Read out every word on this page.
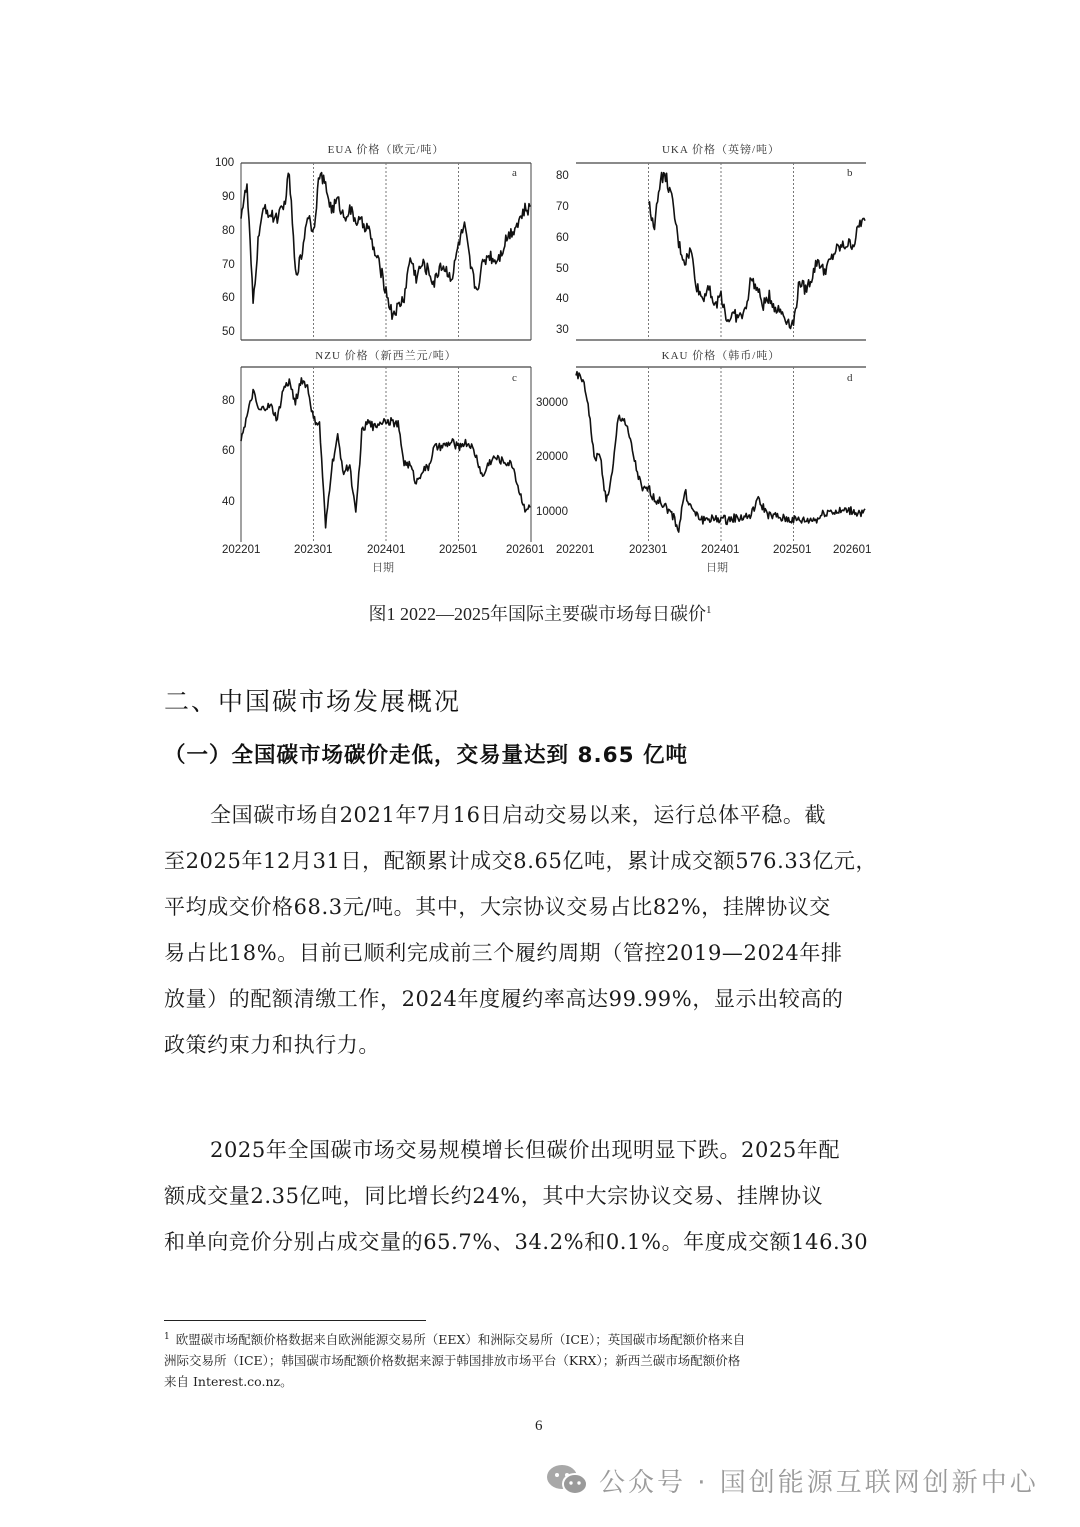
EUA 价格（欧元/吨）
100
90
80
70
60
50
a
UKA 价格（英镑/吨）
80
70
60
50
40
30
b
NZU 价格（新西兰元/吨）
80
60
40
c
202201	202301	202401	202501 202601
日期
KAU 价格（韩币/吨）
30000
20000
10000
d
202201	202301	202401	202501 202601
日期
图1 2022—2025年国际主要碳市场每日碳价$^1$
二、中国碳市场发展概况
（一）全国碳市场碳价走低，交易量达到 8.65 亿吨
全国碳市场自2021年7月16日启动交易以来，运行总体平稳。截
至2025年12月31日，配额累计成交8.65亿吨，累计成交额576.33亿元，
平均成交价格68.3元/吨。其中，大宗协议交易占比82%，挂牌协议交
易占比18%。目前已顺利完成前三个履约周期（管控2019—2024年排
放量）的配额清缴工作，2024年度履约率高达99.99%，显示出较高的
政策约束力和执行力。
2025年全国碳市场交易规模增长但碳价出现明显下跌。2025年配
额成交量2.35亿吨，同比增长约24%，其中大宗协议交易、挂牌协议
和单向竞价分别占成交量的65.7%、34.2%和0.1%。年度成交额146.30
$^1$ 欧盟碳市场配额价格数据来自欧洲能源交易所（EEX）和洲际交易所（ICE）；英国碳市场配额价格来自
洲际交易所（ICE）；韩国碳市场配额价格数据来源于韩国排放市场平台（KRX）；新西兰碳市场配额价格
来自 Interest.co.nz。
6
公众号 · 国创能源互联网创新中心
